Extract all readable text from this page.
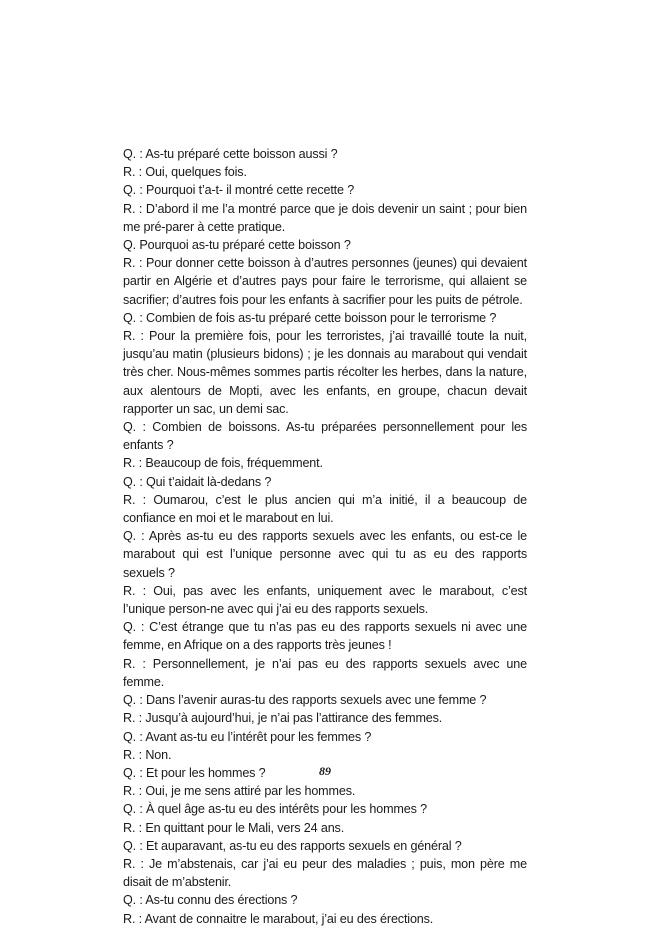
Q. : As-tu préparé cette boisson aussi ?

R. : Oui, quelques fois.

Q. : Pourquoi t’a-t- il montré cette recette ?

R. : D’abord il me l’a montré parce que je dois devenir un saint ; pour bien me pré-parer à cette pratique.

Q. Pourquoi as-tu préparé cette boisson ?

R. : Pour donner cette boisson à d’autres personnes (jeunes) qui devaient partir en Algérie et d’autres pays pour faire le terrorisme, qui allaient se sacrifier; d’autres fois pour les enfants à sacrifier pour les puits de pétrole.

Q. : Combien de fois as-tu préparé cette boisson pour le terrorisme ?

R. : Pour la première fois, pour les terroristes, j’ai travaillé toute la nuit, jusqu’au matin (plusieurs bidons) ; je les donnais au marabout qui vendait très cher. Nous-mêmes sommes partis récolter les herbes, dans la nature, aux alentours de Mopti, avec les enfants, en groupe, chacun devait rapporter un sac, un demi sac.

Q. : Combien de boissons. As-tu préparées personnellement pour les enfants ?

R. : Beaucoup de fois, fréquemment.

Q. : Qui t’aidait là-dedans ?

R. : Oumarou, c’est le plus ancien qui m’a initié, il a beaucoup de confiance en moi et le marabout en lui.

Q. : Après as-tu eu des rapports sexuels avec les enfants, ou est-ce le marabout qui est l’unique personne avec qui tu as eu des rapports sexuels ?

R. : Oui, pas avec les enfants, uniquement avec le marabout, c’est l’unique person-ne avec qui j’ai eu des rapports sexuels.

Q. : C’est étrange que tu n’as pas eu des rapports sexuels ni avec une femme, en Afrique on a des rapports très jeunes !

R. : Personnellement, je n’ai pas eu des rapports sexuels avec une femme.

Q. : Dans l’avenir auras-tu des rapports sexuels avec une femme ?

R. : Jusqu’à aujourd’hui, je n’ai pas l’attirance des femmes.

Q. : Avant as-tu eu l’intérêt pour les femmes ?

R. : Non.

Q. : Et pour les hommes ?

R. : Oui, je me sens attiré par les hommes.

Q. : À quel âge as-tu eu des intérêts pour les hommes ?

R. : En quittant pour le Mali, vers 24 ans.

Q. : Et auparavant, as-tu eu des rapports sexuels en général ?

R. : Je m’abstenais, car j’ai eu peur des maladies ; puis, mon père me disait de m’abstenir.

Q. : As-tu connu des érections ?

R. : Avant de connaitre le marabout, j’ai eu des érections.

89
